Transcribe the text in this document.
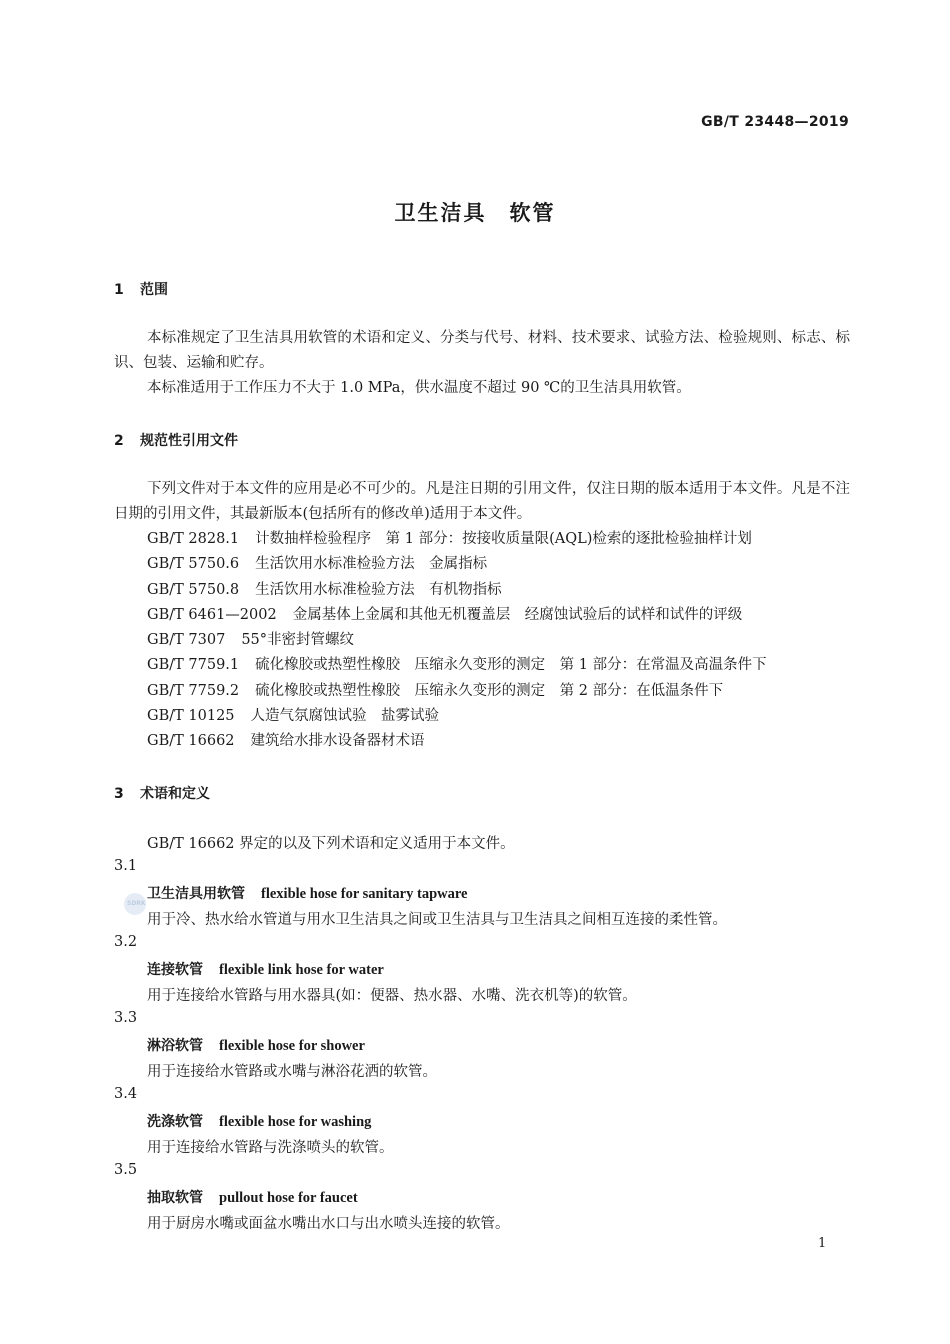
GB/T 23448—2019
卫生洁具　软管
1 范围
本标准规定了卫生洁具用软管的术语和定义、分类与代号、材料、技术要求、试验方法、检验规则、标志、标识、包装、运输和贮存。
本标准适用于工作压力不大于 1.0 MPa，供水温度不超过 90 ℃的卫生洁具用软管。
2 规范性引用文件
下列文件对于本文件的应用是必不可少的。凡是注日期的引用文件，仅注日期的版本适用于本文件。凡是不注日期的引用文件，其最新版本(包括所有的修改单)适用于本文件。
GB/T 2828.1 计数抽样检验程序　第 1 部分：按接收质量限(AQL)检索的逐批检验抽样计划
GB/T 5750.6 生活饮用水标准检验方法　金属指标
GB/T 5750.8 生活饮用水标准检验方法　有机物指标
GB/T 6461—2002 金属基体上金属和其他无机覆盖层　经腐蚀试验后的试样和试件的评级
GB/T 7307 55°非密封管螺纹
GB/T 7759.1 硫化橡胶或热塑性橡胶　压缩永久变形的测定　第 1 部分：在常温及高温条件下
GB/T 7759.2 硫化橡胶或热塑性橡胶　压缩永久变形的测定　第 2 部分：在低温条件下
GB/T 10125 人造气氛腐蚀试验　盐雾试验
GB/T 16662 建筑给水排水设备器材术语
3 术语和定义
GB/T 16662 界定的以及下列术语和定义适用于本文件。
SDRK
3.1
卫生洁具用软管 flexible hose for sanitary tapware
用于冷、热水给水管道与用水卫生洁具之间或卫生洁具与卫生洁具之间相互连接的柔性管。
3.2
连接软管 flexible link hose for water
用于连接给水管路与用水器具(如：便器、热水器、水嘴、洗衣机等)的软管。
3.3
淋浴软管 flexible hose for shower
用于连接给水管路或水嘴与淋浴花洒的软管。
3.4
洗涤软管 flexible hose for washing
用于连接给水管路与洗涤喷头的软管。
3.5
抽取软管 pullout hose for faucet
用于厨房水嘴或面盆水嘴出水口与出水喷头连接的软管。
1
